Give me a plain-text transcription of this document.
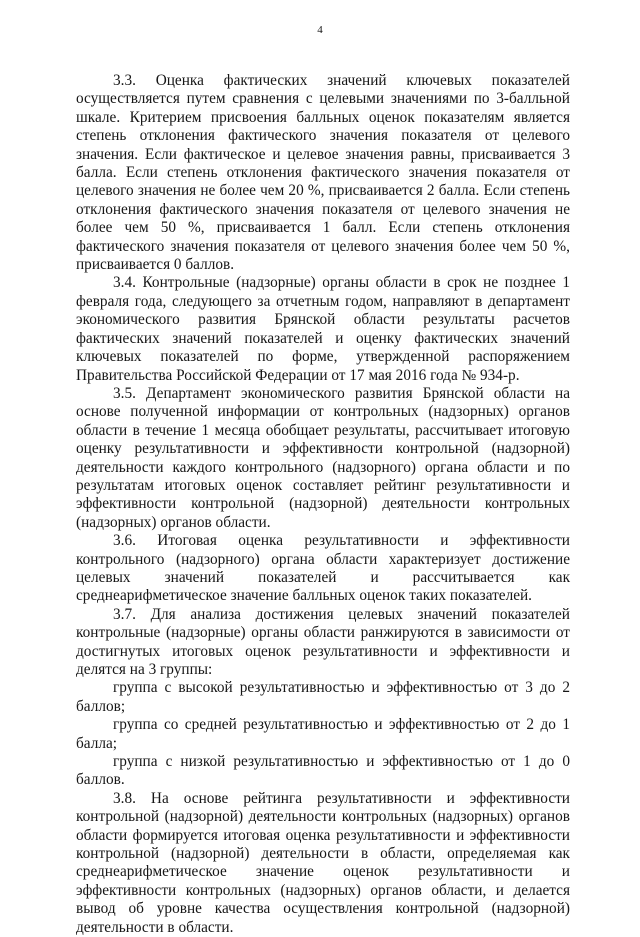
4

3.3. Оценка фактических значений ключевых показателей осуществляется путем сравнения с целевыми значениями по 3-балльной шкале. Критерием присвоения балльных оценок показателям является степень отклонения фактического значения показателя от целевого значения. Если фактическое и целевое значения равны, присваивается 3 балла. Если степень отклонения фактического значения показателя от целевого значения не более чем 20 %, присваивается 2 балла. Если степень отклонения фактического значения показателя от целевого значения не более чем 50 %, присваивается 1 балл. Если степень отклонения фактического значения показателя от целевого значения более чем 50 %, присваивается 0 баллов.

3.4. Контрольные (надзорные) органы области в срок не позднее 1 февраля года, следующего за отчетным годом, направляют в департамент экономического развития Брянской области результаты расчетов фактических значений показателей и оценку фактических значений ключевых показателей по форме, утвержденной распоряжением Правительства Российской Федерации от 17 мая 2016 года № 934-р.

3.5. Департамент экономического развития Брянской области на основе полученной информации от контрольных (надзорных) органов области в течение 1 месяца обобщает результаты, рассчитывает итоговую оценку результативности и эффективности контрольной (надзорной) деятельности каждого контрольного (надзорного) органа области и по результатам итоговых оценок составляет рейтинг результативности и эффективности контрольной (надзорной) деятельности контрольных (надзорных) органов области.

3.6. Итоговая оценка результативности и эффективности контрольного (надзорного) органа области характеризует достижение целевых значений показателей и рассчитывается как среднеарифметическое значение балльных оценок таких показателей.

3.7. Для анализа достижения целевых значений показателей контрольные (надзорные) органы области ранжируются в зависимости от достигнутых итоговых оценок результативности и эффективности и делятся на 3 группы:

группа с высокой результативностью и эффективностью от 3 до 2 баллов;

группа со средней результативностью и эффективностью от 2 до 1 балла;

группа с низкой результативностью и эффективностью от 1 до 0 баллов.

3.8. На основе рейтинга результативности и эффективности контрольной (надзорной) деятельности контрольных (надзорных) органов области формируется итоговая оценка результативности и эффективности контрольной (надзорной) деятельности в области, определяемая как среднеарифметическое значение оценок результативности и эффективности контрольных (надзорных) органов области, и делается вывод об уровне качества осуществления контрольной (надзорной) деятельности в области.
